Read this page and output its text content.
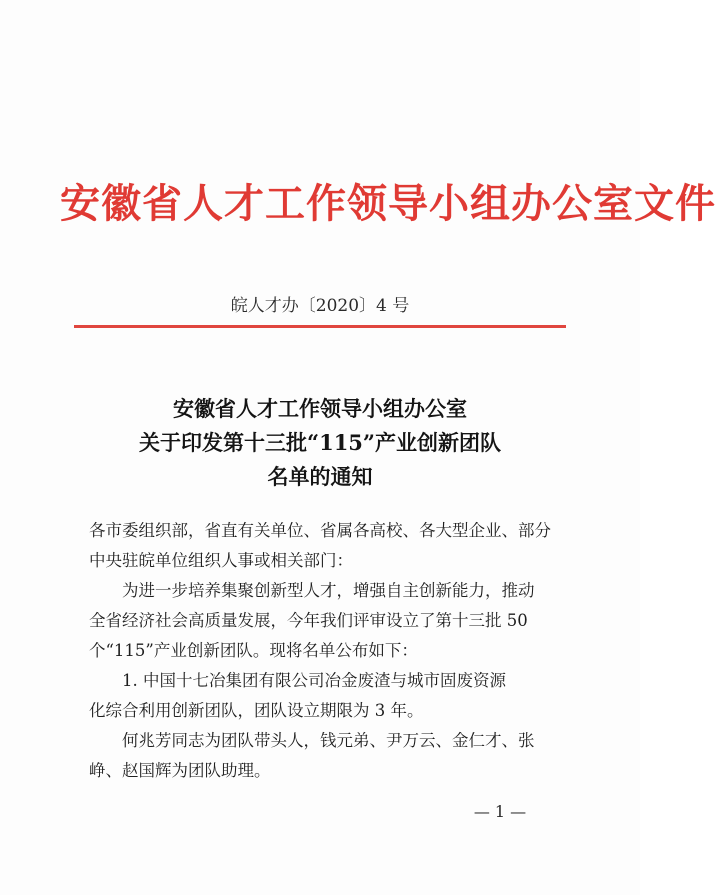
安徽省人才工作领导小组办公室文件
皖人才办〔2020〕4 号
安徽省人才工作领导小组办公室
关于印发第十三批“115”产业创新团队
名单的通知

各市委组织部，省直有关单位、省属各高校、各大型企业、部分
中央驻皖单位组织人事或相关部门：

为进一步培养集聚创新型人才，增强自主创新能力，推动
全省经济社会高质量发展，今年我们评审设立了第十三批 50
个“115”产业创新团队。现将名单公布如下：

1. 中国十七冶集团有限公司冶金废渣与城市固废资源
化综合利用创新团队，团队设立期限为 3 年。

何兆芳同志为团队带头人，钱元弟、尹万云、金仁才、张
峥、赵国辉为团队助理。

— 1 —
